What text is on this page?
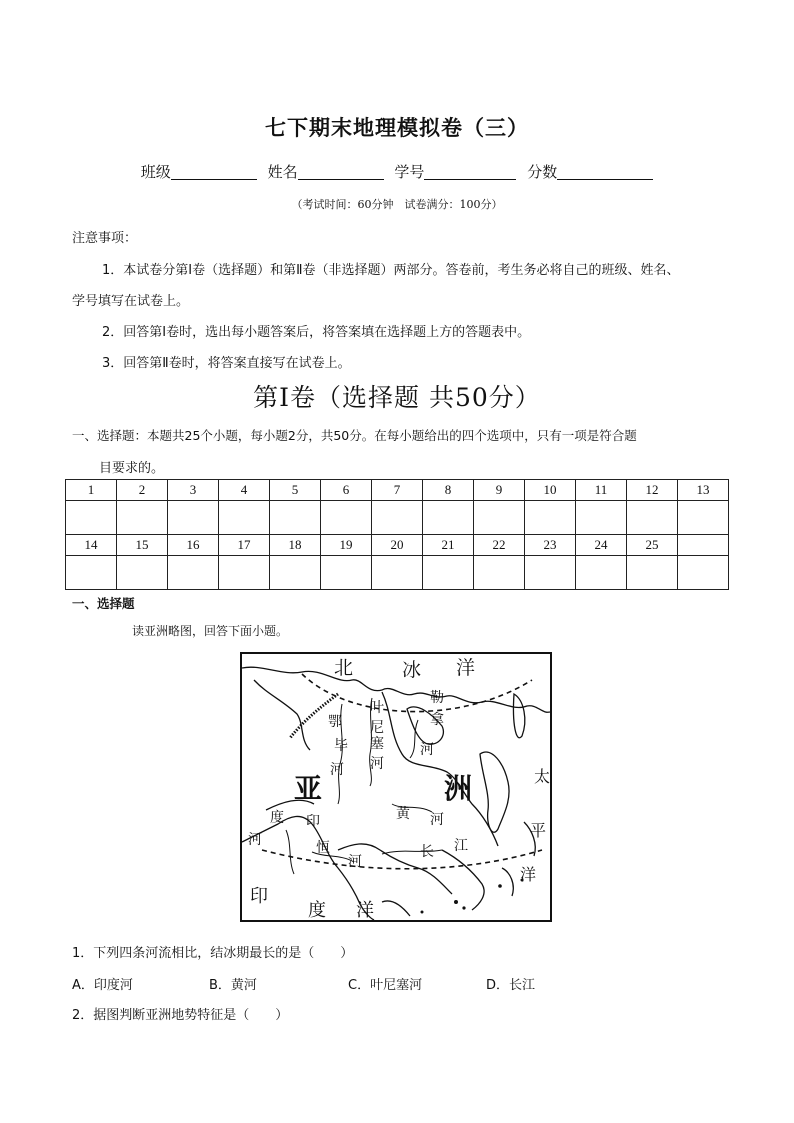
七下期末地理模拟卷（三）
班级	姓名	学号	分数
（考试时间：60分钟　试卷满分：100分）
注意事项：
1．本试卷分第Ⅰ卷（选择题）和第Ⅱ卷（非选择题）两部分。答卷前，考生务必将自己的班级、姓名、
学号填写在试卷上。
2．回答第Ⅰ卷时，选出每小题答案后，将答案填在选择题上方的答题表中。
3．回答第Ⅱ卷时，将答案直接写在试卷上。
第Ⅰ卷（选择题 共50分）
一、选择题：本题共25个小题，每小题2分，共50分。在每小题给出的四个选项中，只有一项是符合题
目要求的。
1	2	3	4	5	6	7	8	9	10	11	12	13

14	15	16	17	18	19	20	21	22	23	24	25	

一、选择题
读亚洲略图，回答下面小题。
北	冰 洋
叶
尼
塞
河
勒
拿
河
鄂
毕
河
亚	洲
黄 河
太
平
洋
度 印
河	恒
河
长 江
印
度 洋
1．下列四条河流相比，结冰期最长的是（　　）
A．印度河	B．黄河	C．叶尼塞河	D．长江
2．据图判断亚洲地势特征是（　　）
